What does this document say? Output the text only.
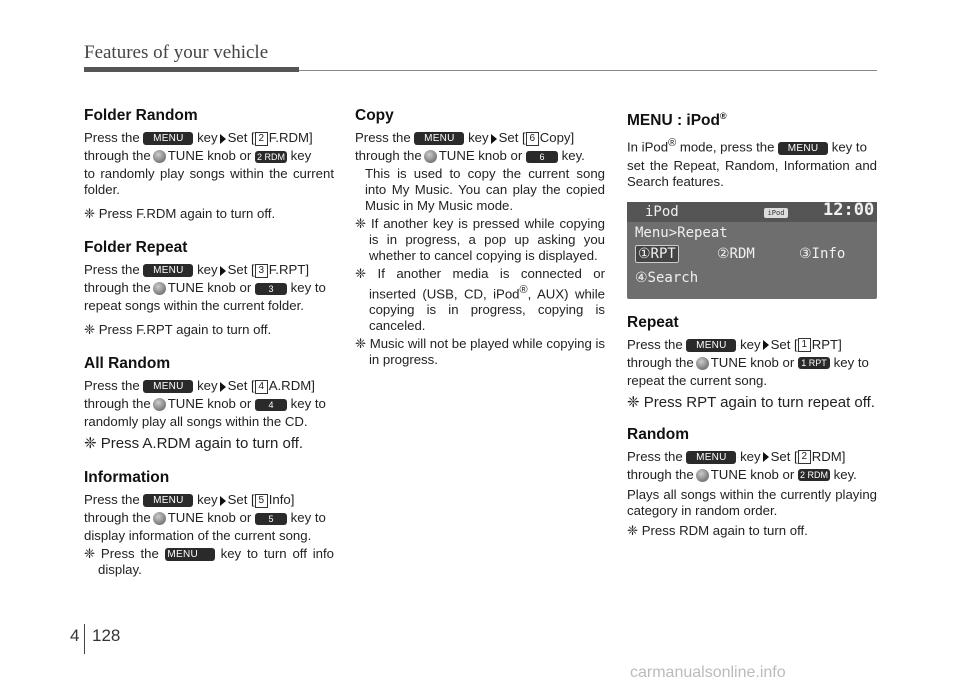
Features of your vehicle
Folder Random

Press the MENU key Set [ 2 F.RDM]

through the TUNE knob or 2 RDM key

to randomly play songs within the current folder.

❈ Press F.RDM again to turn off.

Folder Repeat

Press the MENU key Set [ 3 F.RPT]

through the TUNE knob or 3 key to

repeat songs within the current folder.

❈ Press F.RPT again to turn off.

All Random

Press the MENU key Set [ 4 A.RDM]

through the TUNE knob or 4 key to

randomly play all songs within the CD.

❈ Press A.RDM again to turn off.

Information

Press the MENU key Set [ 5 Info]

through the TUNE knob or 5 key to

display information of the current song.

❈ Press the MENU key to turn off info display.

Copy

Press the MENU key Set [ 6 Copy]

through the TUNE knob or 6 key.

This is used to copy the current song into My Music. You can play the copied Music in My Music mode.

❈ If another key is pressed while copying is in progress, a pop up asking you whether to cancel copying is displayed.

❈ If another media is connected or inserted (USB, CD, iPod®, AUX) while copying is in progress, copying is canceled.

❈ Music will not be played while copying is in progress.

MENU : iPod®

In iPod® mode, press the MENU key to

set the Repeat, Random, Information and Search features.

iPod	iPod 12:00
Menu>Repeat
①RPT	②RDM	③Info
④Search
Repeat

Press the MENU key Set [ 1 RPT]

through the TUNE knob or 1 RPT key to

repeat the current song.

❈ Press RPT again to turn repeat off.

Random

Press the MENU key Set [ 2 RDM]

through the TUNE knob or 2 RDM key.

Plays all songs within the currently playing category in random order.

❈ Press RDM again to turn off.

4 128
carmanualsonline.info
